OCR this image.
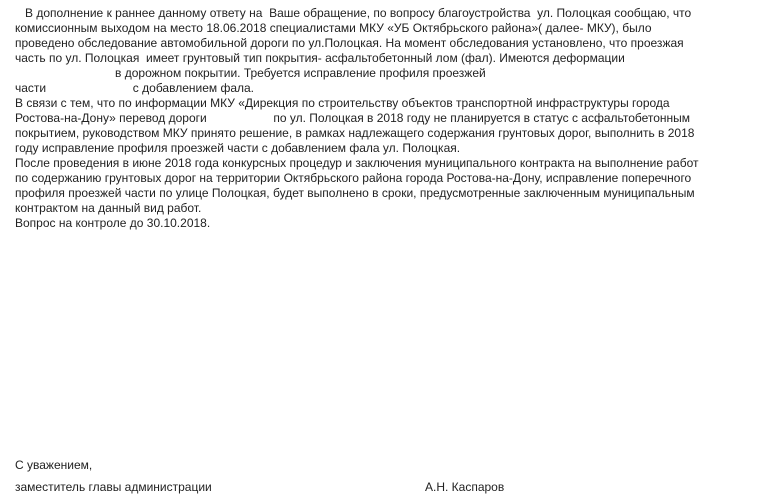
В дополнение к раннее данному ответу на  Ваше обращение, по вопросу благоустройства  ул. Полоцкая сообщаю, что
комиссионным выходом на место 18.06.2018 специалистами МКУ «УБ Октябрьского района»( далее- МКУ), было
проведено обследование автомобильной дороги по ул.Полоцкая. На момент обследования установлено, что проезжая
часть по ул. Полоцкая  имеет грунтовый тип покрытия- асфальтобетонный лом (фал). Имеются деформации
в дорожном покрытии. Требуется исправление профиля проезжей
части                          с добавлением фала.
В связи с тем, что по информации МКУ «Дирекция по строительству объектов транспортной инфраструктуры города
Ростова-на-Дону» перевод дороги                    по ул. Полоцкая в 2018 году не планируется в статус с асфальтобетонным
покрытием, руководством МКУ принято решение, в рамках надлежащего содержания грунтовых дорог, выполнить в 2018
году исправление профиля проезжей части с добавлением фала ул. Полоцкая.
После проведения в июне 2018 года конкурсных процедур и заключения муниципального контракта на выполнение работ
по содержанию грунтовых дорог на территории Октябрьского района города Ростова-на-Дону, исправление поперечного
профиля проезжей части по улице Полоцкая, будет выполнено в сроки, предусмотренные заключенным муниципальным
контрактом на данный вид работ.
Вопрос на контроле до 30.10.2018.
С уважением,
заместитель главы администрации	А.Н. Каспаров
